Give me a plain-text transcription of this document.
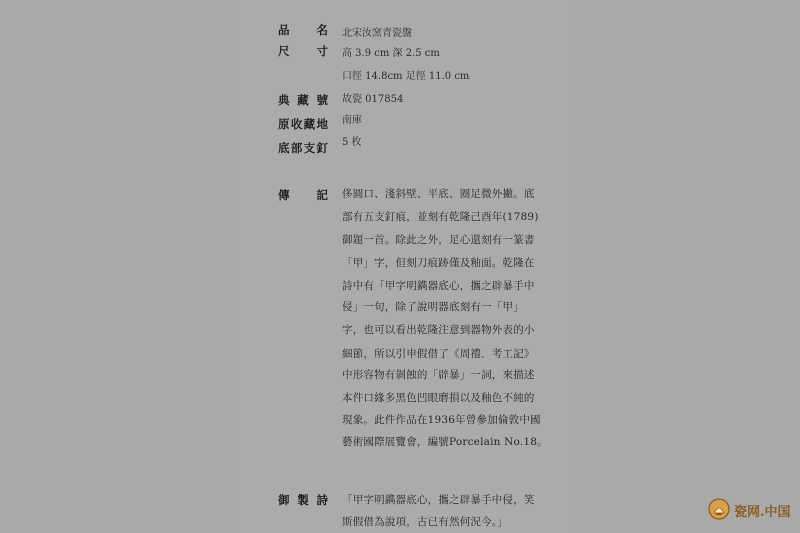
品　名 北宋汝窯青瓷盤
尺　寸 高 3.9 cm 深 2.5 cm
口徑 14.8cm 足徑 11.0 cm
典藏號 故瓷 017854
原收藏地 南庫
底部支釘 5 枚
傳　記 侈圓口、淺斜壁、平底、圈足微外撇。底
部有五支釘痕，並刻有乾隆己酉年(1789)
御題一首。除此之外，足心還刻有一篆書
「甲」字，但刻刀痕跡僅及釉面。乾隆在
詩中有「甲字明鐫器底心，攜之辟暴手中
侵」一句，除了說明器底刻有一「甲」
字，也可以看出乾隆注意到器物外表的小
細節，所以引申假借了《周禮．考工記》
中形容物有剝蝕的「辟暴」一詞，來描述
本件口緣多黑色凹眼磨損以及釉色不純的
現象。此件作品在1936年曾參加倫敦中國
藝術國際展覽會，編號Porcelain No.18。
御製詩 「甲字明鐫器底心，攜之辟暴手中侵，笑
斯假借為說項，古已有然何況今。」
瓷网.中国
